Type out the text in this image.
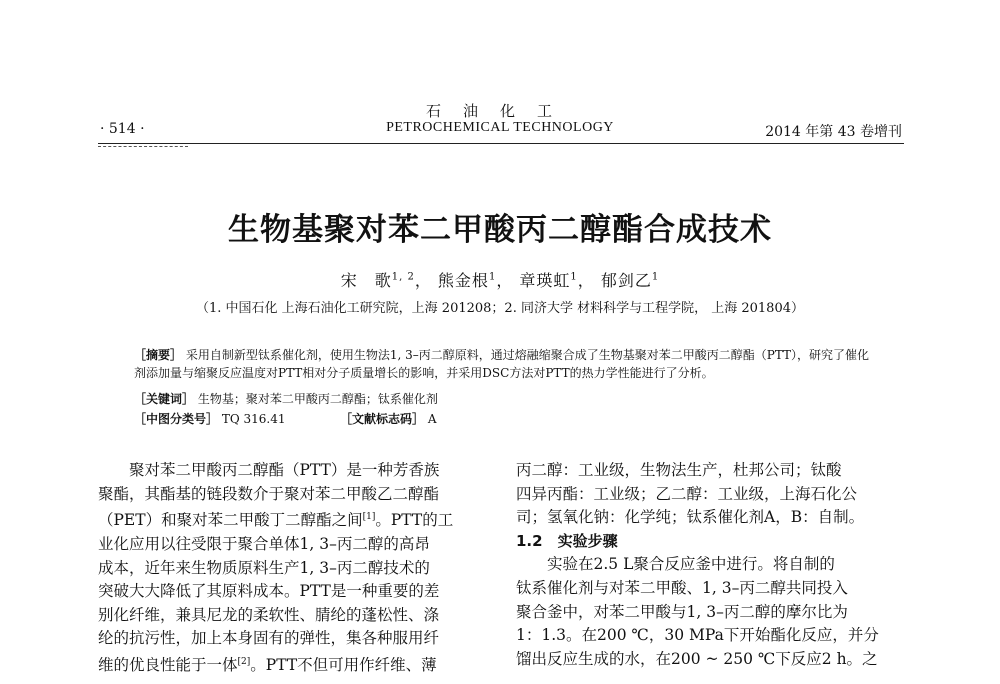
石油化工
· 514 ·	PETROCHEMICAL TECHNOLOGY	2014 年第 43 卷增刊
生物基聚对苯二甲酸丙二醇酯合成技术
宋　歌$^{1, 2}$， 熊金根$^1$， 章瑛虹$^1$， 郁剑乙$^1$
（1. 中国石化 上海石油化工研究院，上海 201208；2. 同济大学 材料科学与工程学院， 上海 201804）
［摘要］ 采用自制新型钛系催化剂，使用生物法1, 3–丙二醇原料，通过熔融缩聚合成了生物基聚对苯二甲酸丙二醇酯（PTT），研究了催化剂添加量与缩聚反应温度对PTT相对分子质量增长的影响，并采用DSC方法对PTT的热力学性能进行了分析。
［关键词］ 生物基；聚对苯二甲酸丙二醇酯；钛系催化剂
［中图分类号］ TQ 316.41	［文献标志码］ A
聚对苯二甲酸丙二醇酯（PTT）是一种芳香族
聚酯，其酯基的链段数介于聚对苯二甲酸乙二醇酯
（PET）和聚对苯二甲酸丁二醇酯之间[1]。PTT的工
业化应用以往受限于聚合单体1, 3–丙二醇的高昂
成本，近年来生物质原料生产1, 3–丙二醇技术的
突破大大降低了其原料成本。PTT是一种重要的差
别化纤维，兼具尼龙的柔软性、腈纶的蓬松性、涤
纶的抗污性，加上本身固有的弹性，集各种服用纤
维的优良性能于一体[2]。PTT不但可用作纤维、薄
丙二醇：工业级，生物法生产，杜邦公司；钛酸
四异丙酯：工业级；乙二醇：工业级，上海石化公
司；氢氧化钠：化学纯；钛系催化剂A，B：自制。
1.2　实验步骤
实验在2.5 L聚合反应釜中进行。将自制的
钛系催化剂与对苯二甲酸、1, 3–丙二醇共同投入
聚合釜中，对苯二甲酸与1, 3–丙二醇的摩尔比为
1：1.3。在200 ℃，30 MPa下开始酯化反应，并分
馏出反应生成的水，在200 ~ 250 ℃下反应2 h。之
